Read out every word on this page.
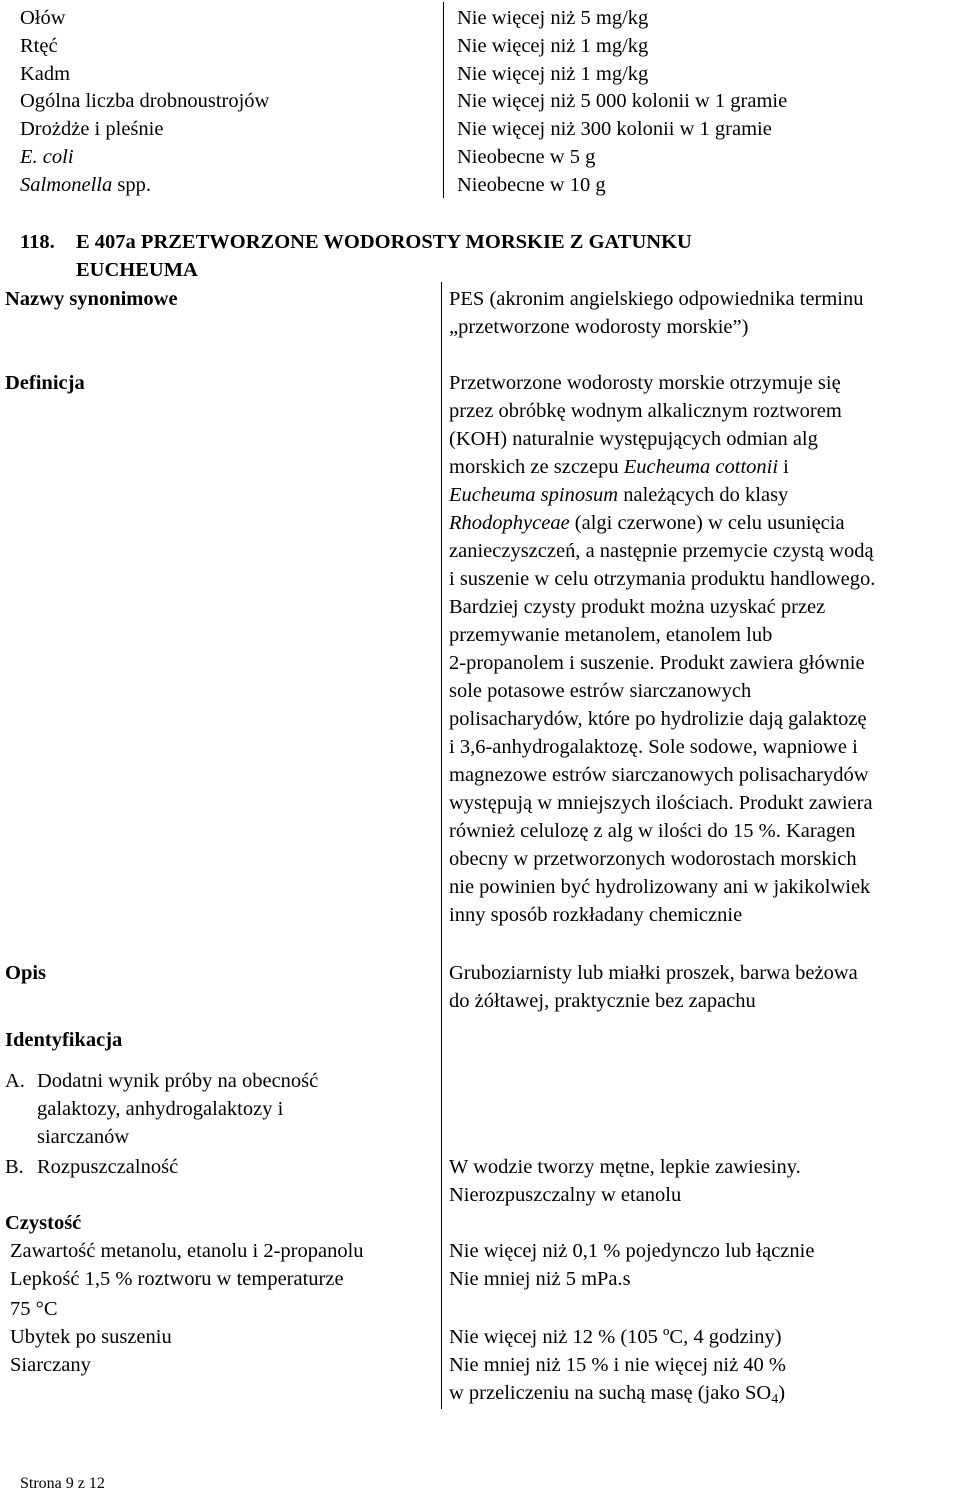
Ołów	Nie więcej niż 5 mg/kg
Rtęć	Nie więcej niż 1 mg/kg
Kadm	Nie więcej niż 1 mg/kg
Ogólna liczba drobnoustrojów	Nie więcej niż 5 000 kolonii w 1 gramie
Drożdże i pleśnie	Nie więcej niż 300 kolonii w 1 gramie
E. coli	Nieobecne w 5 g
Salmonella spp.	Nieobecne w 10 g
118. E 407a PRZETWORZONE WODOROSTY MORSKIE Z GATUNKU
EUCHEUMA
Nazwy synonimowe	PES (akronim angielskiego odpowiednika terminu
„przetworzone wodorosty morskie”)
Definicja	Przetworzone wodorosty morskie otrzymuje się
przez obróbkę wodnym alkalicznym roztworem
(KOH) naturalnie występujących odmian alg
morskich ze szczepu Eucheuma cottonii i
Eucheuma spinosum należących do klasy
Rhodophyceae (algi czerwone) w celu usunięcia
zanieczyszczeń, a następnie przemycie czystą wodą
i suszenie w celu otrzymania produktu handlowego.
Bardziej czysty produkt można uzyskać przez
przemywanie metanolem, etanolem lub
2-propanolem i suszenie. Produkt zawiera głównie
sole potasowe estrów siarczanowych
polisacharydów, które po hydrolizie dają galaktozę
i 3,6-anhydrogalaktozę. Sole sodowe, wapniowe i
magnezowe estrów siarczanowych polisacharydów
występują w mniejszych ilościach. Produkt zawiera
również celulozę z alg w ilości do 15 %. Karagen
obecny w przetworzonych wodorostach morskich
nie powinien być hydrolizowany ani w jakikolwiek
inny sposób rozkładany chemicznie
Opis	Gruboziarnisty lub miałki proszek, barwa beżowa
do żółtawej, praktycznie bez zapachu
Identyfikacja
A. Dodatni wynik próby na obecność
galaktozy, anhydrogalaktozy i
siarczanów
B. Rozpuszczalność	W wodzie tworzy mętne, lepkie zawiesiny.
Nierozpuszczalny w etanolu
Czystość
Zawartość metanolu, etanolu i 2-propanolu	Nie więcej niż 0,1 % pojedynczo lub łącznie
Lepkość 1,5 % roztworu w temperaturze	Nie mniej niż 5 mPa.s
75 °C
Ubytek po suszeniu	Nie więcej niż 12 % (105 ºC, 4 godziny)
Siarczany	Nie mniej niż 15 % i nie więcej niż 40 %
w przeliczeniu na suchą masę (jako $SO_4$)
Strona 9 z 12
